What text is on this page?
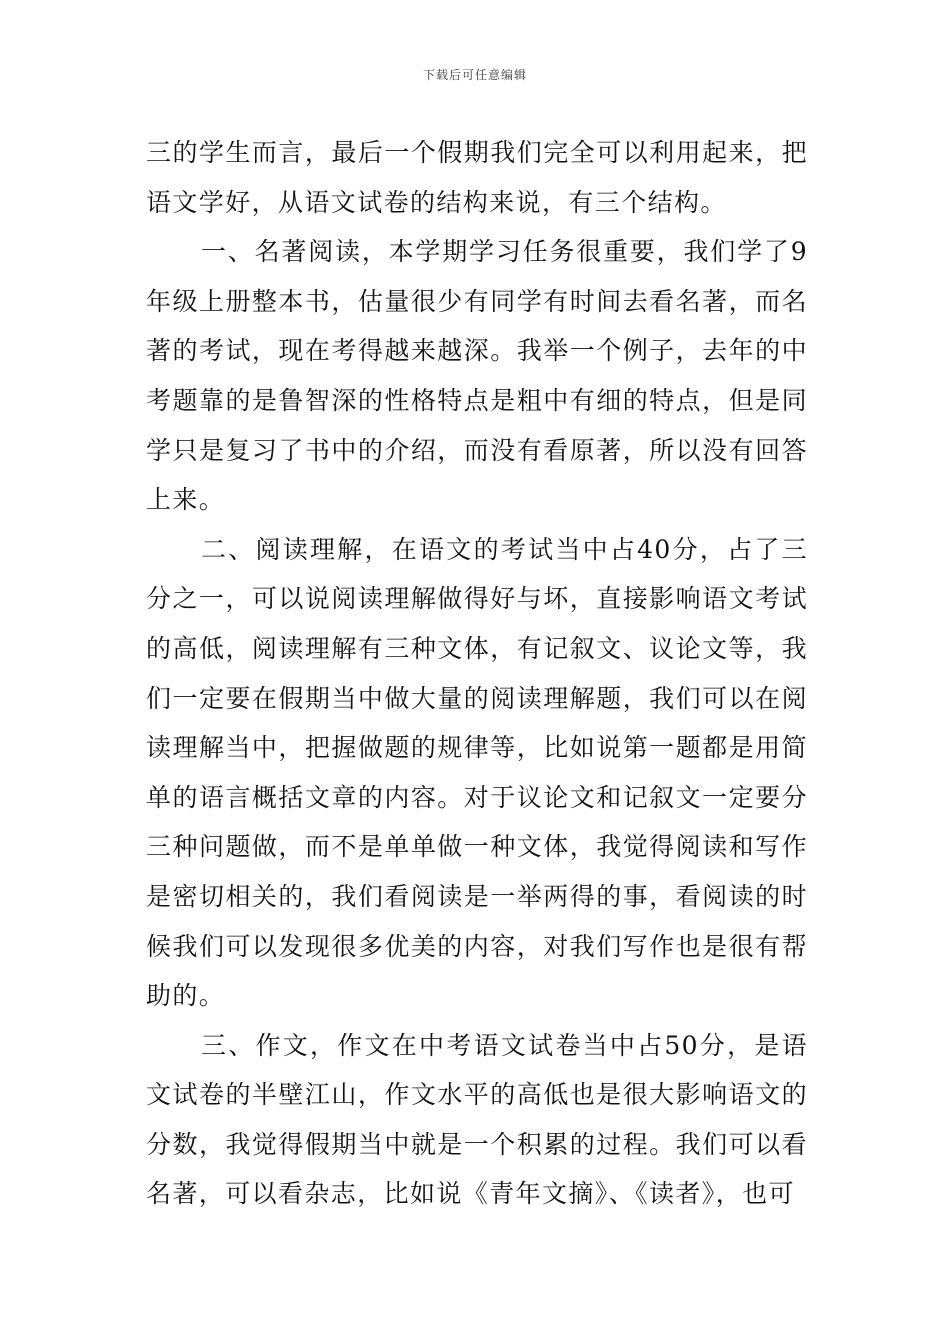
下载后可任意编辑

三的学生而言，最后一个假期我们完全可以利用起来，把语文学好，从语文试卷的结构来说，有三个结构。

一、名著阅读，本学期学习任务很重要，我们学了9年级上册整本书，估量很少有同学有时间去看名著，而名著的考试，现在考得越来越深。我举一个例子，去年的中考题靠的是鲁智深的性格特点是粗中有细的特点，但是同学只是复习了书中的介绍，而没有看原著，所以没有回答上来。

二、阅读理解，在语文的考试当中占40分，占了三分之一，可以说阅读理解做得好与坏，直接影响语文考试的高低，阅读理解有三种文体，有记叙文、议论文等，我们一定要在假期当中做大量的阅读理解题，我们可以在阅读理解当中，把握做题的规律等，比如说第一题都是用简单的语言概括文章的内容。对于议论文和记叙文一定要分三种问题做，而不是单单做一种文体，我觉得阅读和写作是密切相关的，我们看阅读是一举两得的事，看阅读的时候我们可以发现很多优美的内容，对我们写作也是很有帮助的。

三、作文，作文在中考语文试卷当中占50分，是语文试卷的半壁江山，作文水平的高低也是很大影响语文的分数，我觉得假期当中就是一个积累的过程。我们可以看名著，可以看杂志，比如说《青年文摘》、《读者》，也可
